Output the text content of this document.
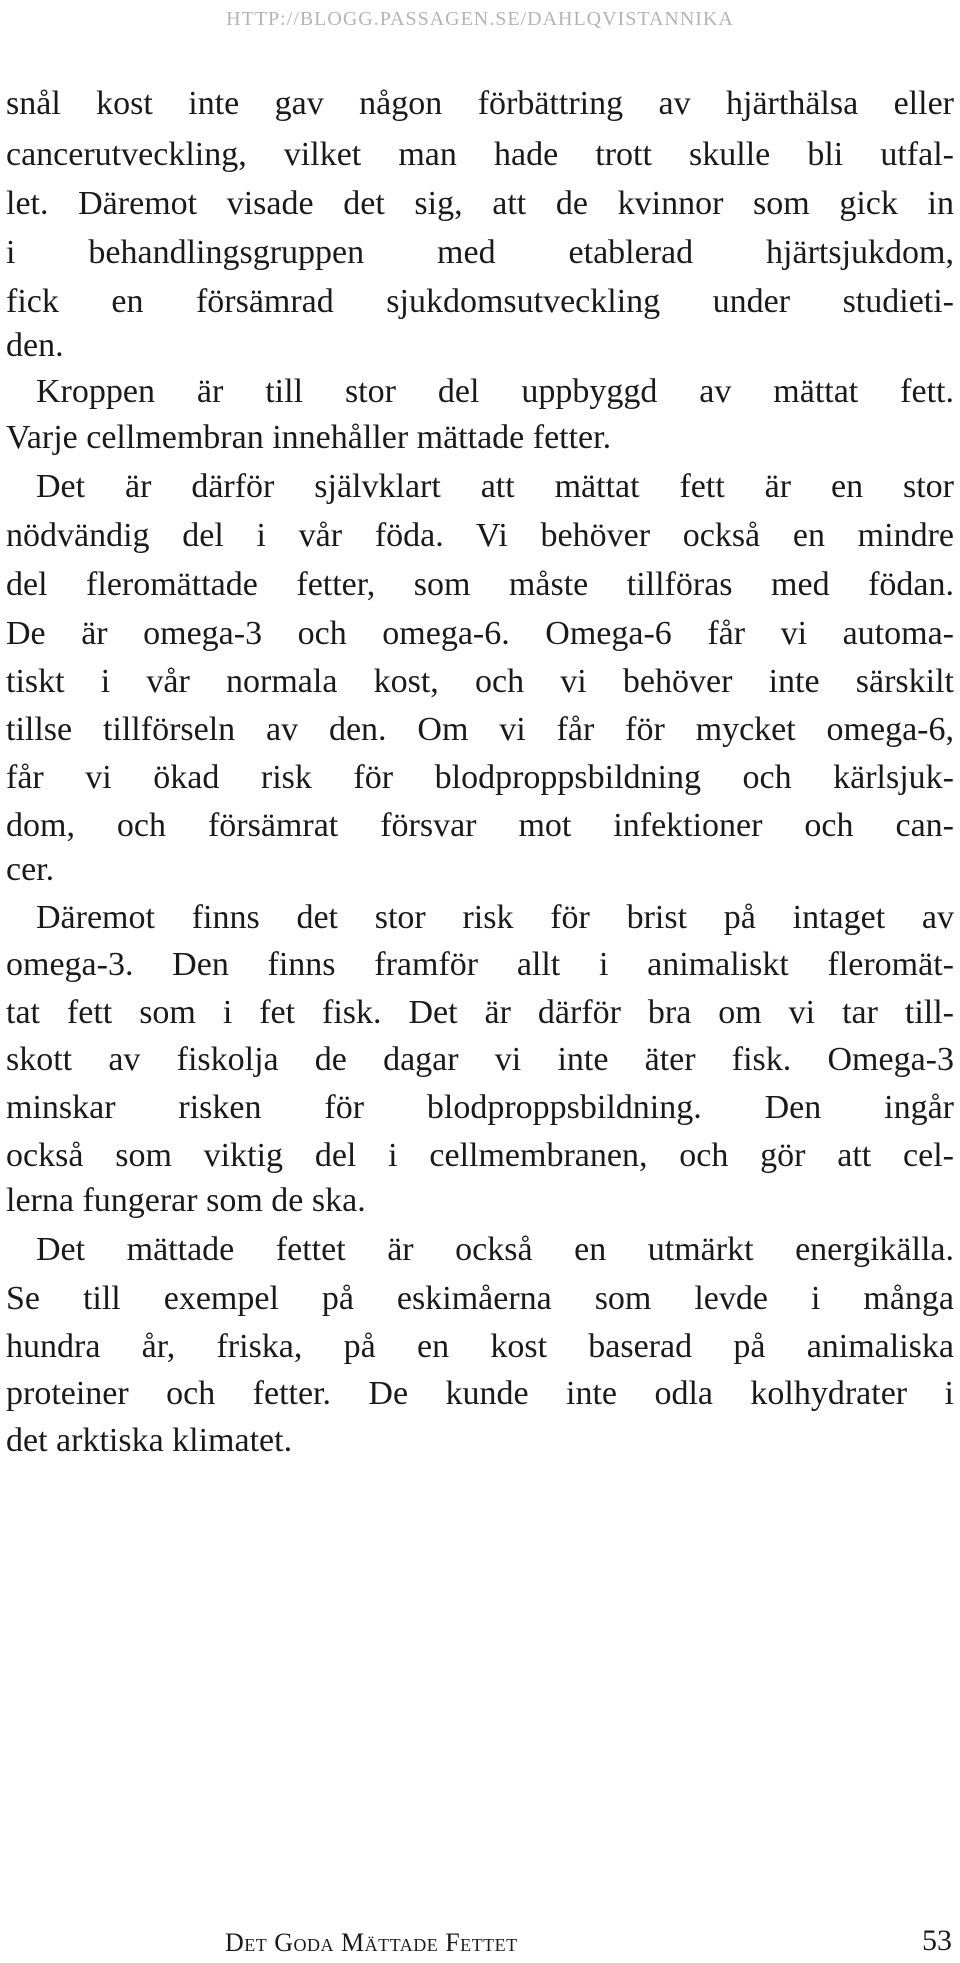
HTTP://BLOGG.PASSAGEN.SE/DAHLQVISTANNIKA
snål kost inte gav någon förbättring av hjärthälsa eller
cancerutveckling, vilket man hade trott skulle bli utfal-
let. Däremot visade det sig, att de kvinnor som gick in
i behandlingsgruppen med etablerad hjärtsjukdom,
fick en försämrad sjukdomsutveckling under studieti-
den.
Kroppen är till stor del uppbyggd av mättat fett.
Varje cellmembran innehåller mättade fetter.
Det är därför självklart att mättat fett är en stor
nödvändig del i vår föda. Vi behöver också en mindre
del fleromättade fetter, som måste tillföras med födan.
De är omega-3 och omega-6. Omega-6 får vi automa-
tiskt i vår normala kost, och vi behöver inte särskilt
tillse tillförseln av den. Om vi får för mycket omega-6,
får vi ökad risk för blodproppsbildning och kärlsjuk-
dom, och försämrat försvar mot infektioner och can-
cer.
Däremot finns det stor risk för brist på intaget av
omega-3. Den finns framför allt i animaliskt fleromät-
tat fett som i fet fisk. Det är därför bra om vi tar till-
skott av fiskolja de dagar vi inte äter fisk. Omega-3
minskar risken för blodproppsbildning. Den ingår
också som viktig del i cellmembranen, och gör att cel-
lerna fungerar som de ska.
Det mättade fettet är också en utmärkt energikälla.
Se till exempel på eskimåerna som levde i många
hundra år, friska, på en kost baserad på animaliska
proteiner och fetter. De kunde inte odla kolhydrater i
det arktiska klimatet.
Det Goda Mättade Fettet	53
